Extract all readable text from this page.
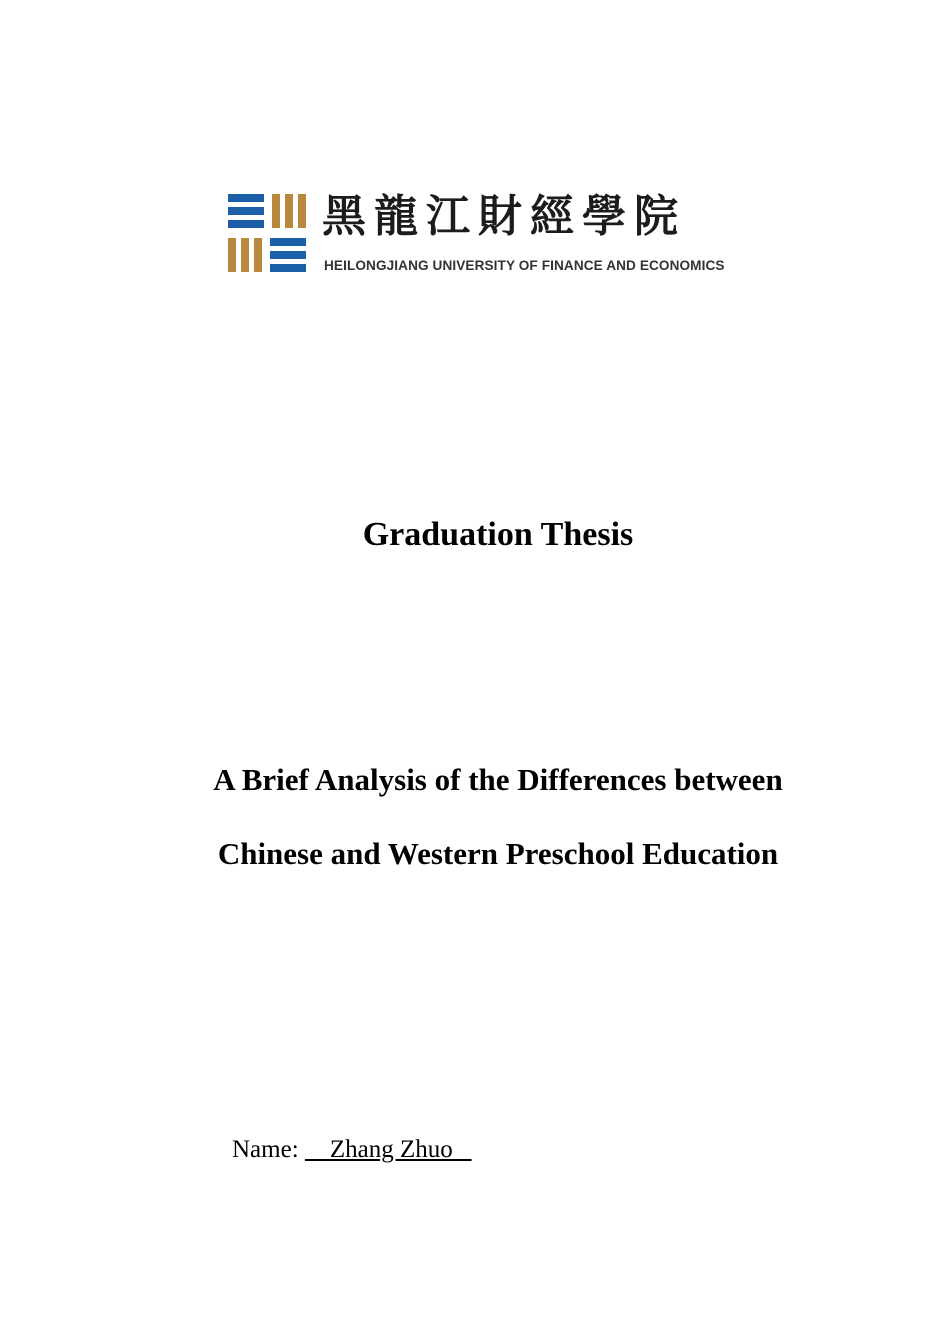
黑龍江財經學院
HEILONGJIANG UNIVERSITY OF FINANCE AND ECONOMICS
Graduation Thesis
A Brief Analysis of the Differences between
Chinese and Western Preschool Education
Name:     Zhang Zhuo
